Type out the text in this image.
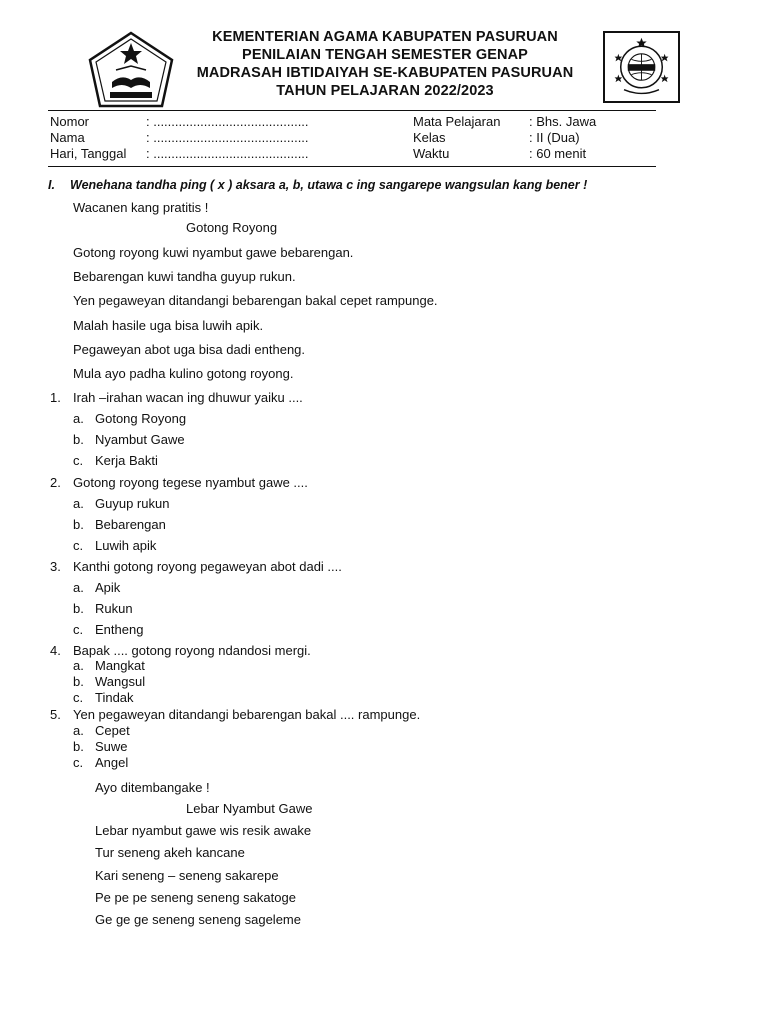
KEMENTERIAN AGAMA KABUPATEN PASURUAN
PENILAIAN TENGAH SEMESTER GENAP
MADRASAH IBTIDAIYAH SE-KABUPATEN PASURUAN
TAHUN PELAJARAN 2022/2023
Nomor	: ...........................................
Nama	: ...........................................
Hari, Tanggal : ...........................................
Mata Pelajaran : Bhs. Jawa
Kelas	: II (Dua)
Waktu	: 60 menit
I. Wenehana tandha ping ( x ) aksara a, b, utawa c ing sangarepe wangsulan kang bener !
Wacanen kang pratitis !
Gotong Royong
Gotong royong kuwi nyambut gawe bebarengan.
Bebarengan kuwi tandha guyup rukun.
Yen pegaweyan ditandangi bebarengan bakal cepet rampunge.
Malah hasile uga bisa luwih apik.
Pegaweyan abot uga bisa dadi entheng.
Mula ayo padha kulino gotong royong.
1. Irah –irahan wacan ing dhuwur yaiku ....
a. Gotong Royong
b. Nyambut Gawe
c. Kerja Bakti
2. Gotong royong tegese nyambut gawe ....
a. Guyup rukun
b. Bebarengan
c. Luwih apik
3. Kanthi gotong royong pegaweyan abot dadi ....
a. Apik
b. Rukun
c. Entheng
4. Bapak .... gotong royong ndandosi mergi.
a. Mangkat
b. Wangsul
c. Tindak
5. Yen pegaweyan ditandangi bebarengan bakal .... rampunge.
a. Cepet
b. Suwe
c. Angel
Ayo ditembangake !
Lebar Nyambut Gawe
Lebar nyambut gawe wis resik awake
Tur seneng akeh kancane
Kari seneng – seneng sakarepe
Pe pe pe seneng seneng sakatoge
Ge ge ge seneng seneng sageleme
